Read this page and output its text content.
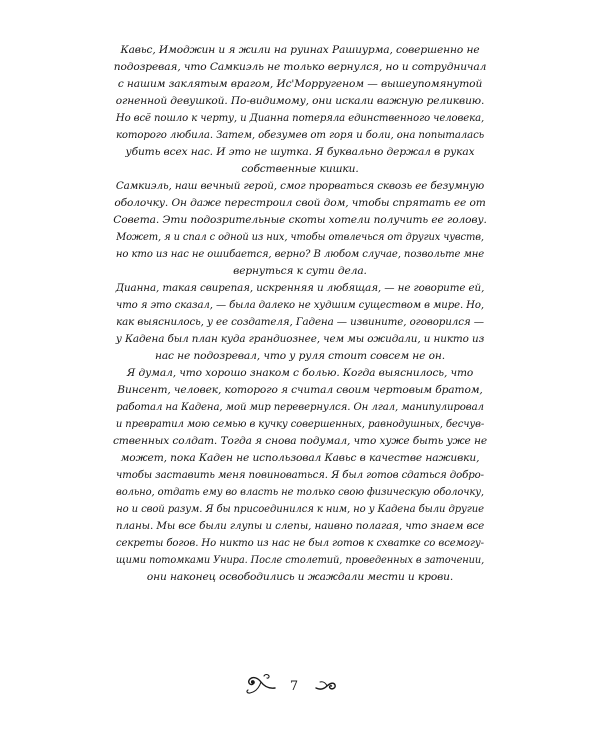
Кавьс, Имоджин и я жили на руинах Рашиурма, совершенно не
подозревая, что Самкиэль не только вернулся, но и сотрудничал
с нашим заклятым врагом, Ис'Морругеном — вышеупомянутой
огненной девушкой. По-видимому, они искали важную реликвию.
Но всё пошло к черту, и Дианна потеряла единственного человека,
которого любила. Затем, обезумев от горя и боли, она попыталась
убить всех нас. И это не шутка. Я буквально держал в руках
собственные кишки.
Самкиэль, наш вечный герой, смог прорваться сквозь ее безумную
оболочку. Он даже перестроил свой дом, чтобы спрятать ее от
Совета. Эти подозрительные скоты хотели получить ее голову.
Может, я и спал с одной из них, чтобы отвлечься от других чувств,
но кто из нас не ошибается, верно? В любом случае, позвольте мне
вернуться к сути дела.
Дианна, такая свирепая, искренняя и любящая, — не говорите ей,
что я это сказал, — была далеко не худшим существом в мире. Но,
как выяснилось, у ее создателя, Гадена — извините, оговорился —
у Кадена был план куда грандиознее, чем мы ожидали, и никто из
нас не подозревал, что у руля стоит совсем не он.
Я думал, что хорошо знаком с болью. Когда выяснилось, что
Винсент, человек, которого я считал своим чертовым братом,
работал на Кадена, мой мир перевернулся. Он лгал, манипулировал
и превратил мою семью в кучку совершенных, равнодушных, бесчув-
ственных солдат. Тогда я снова подумал, что хуже быть уже не
может, пока Каден не использовал Кавьс в качестве наживки,
чтобы заставить меня повиноваться. Я был готов сдаться добро-
вольно, отдать ему во власть не только свою физическую оболочку,
но и свой разум. Я бы присоединился к ним, но у Кадена были другие
планы. Мы все были глупы и слепы, наивно полагая, что знаем все
секреты богов. Но никто из нас не был готов к схватке со всемогу-
щими потомками Унира. После столетий, проведенных в заточении,
они наконец освободились и жаждали мести и крови.
7
